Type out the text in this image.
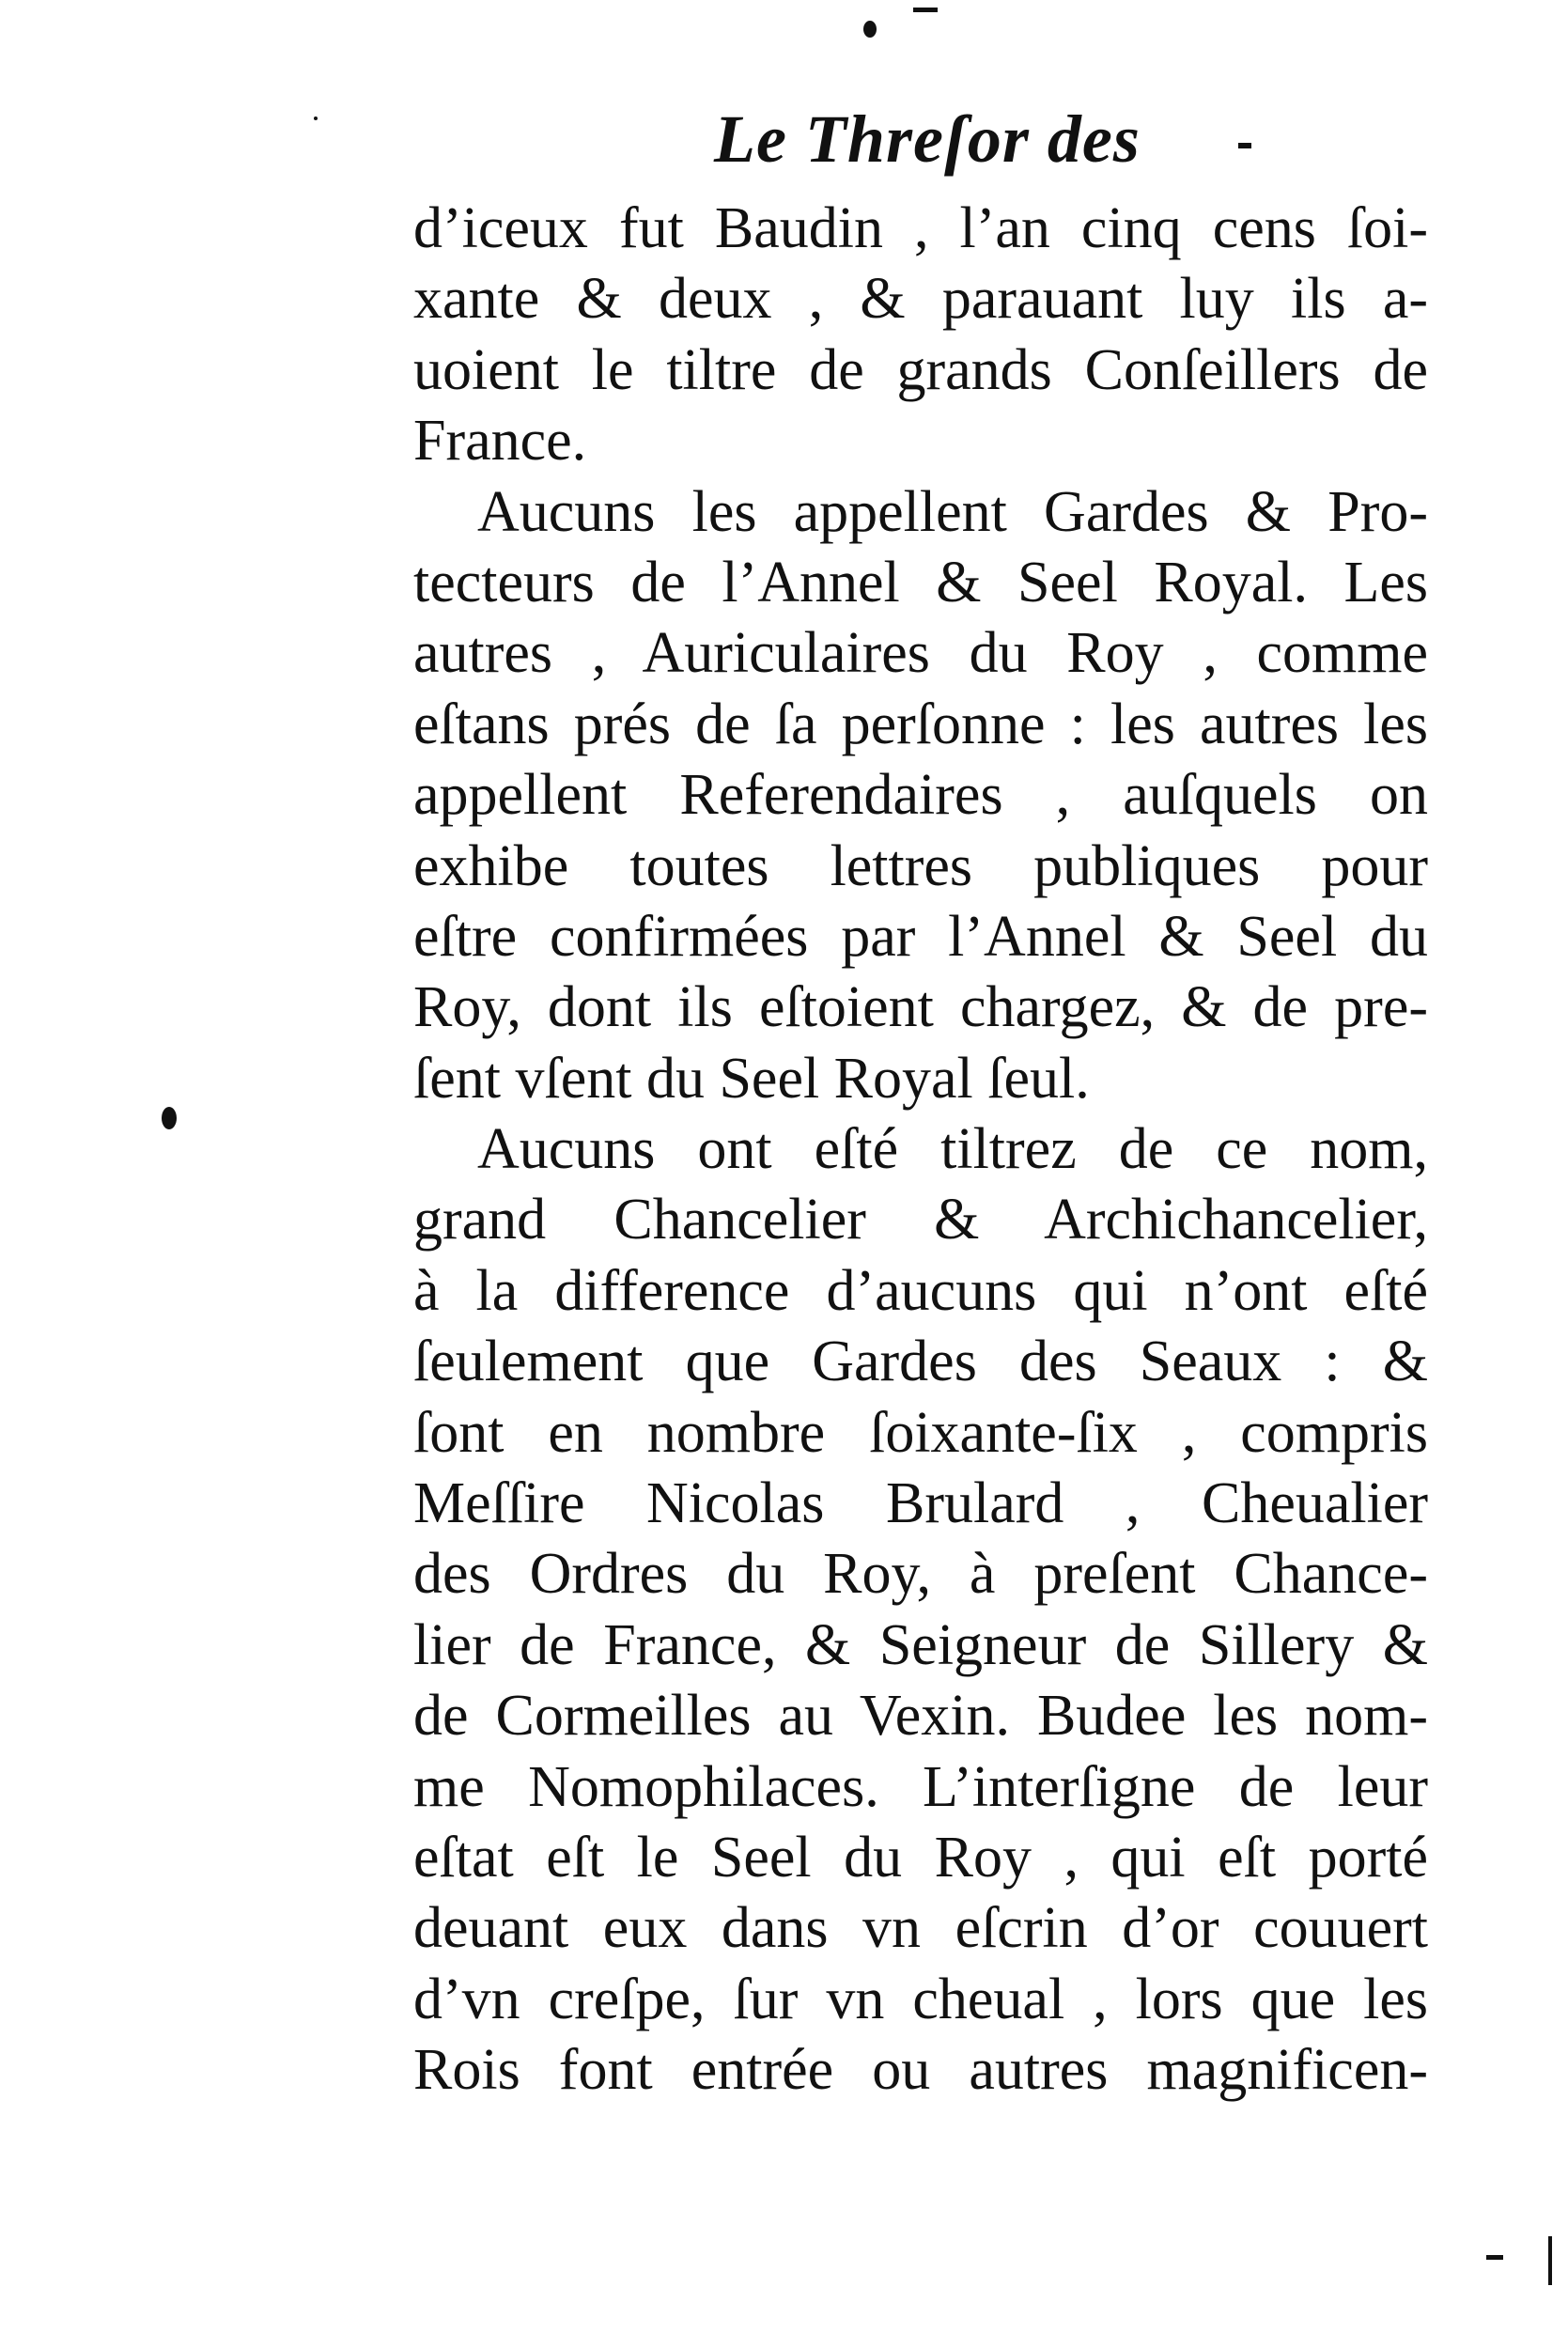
Le Threſor des
d’iceux fut Baudin , l’an cinq cens ſoi-
xante & deux , & parauant luy ils a-
uoient le tiltre de grands Conſeillers de
France.
Aucuns les appellent Gardes & Pro-
tecteurs de l’Annel & Seel Royal. Les
autres , Auriculaires du Roy , comme
eſtans prés de ſa perſonne : les autres les
appellent Referendaires , auſquels on
exhibe toutes lettres publiques pour
eſtre confirmées par l’Annel & Seel du
Roy, dont ils eſtoient chargez, & de pre-
ſent vſent du Seel Royal ſeul.
Aucuns ont eſté tiltrez de ce nom,
grand Chancelier & Archichancelier,
à la difference d’aucuns qui n’ont eſté
ſeulement que Gardes des Seaux : &
ſont en nombre ſoixante-ſix , compris
Meſſire Nicolas Brulard , Cheualier
des Ordres du Roy, à preſent Chance-
lier de France, & Seigneur de Sillery &
de Cormeilles au Vexin. Budee les nom-
me Nomophilaces. L’interſigne de leur
eſtat eſt le Seel du Roy , qui eſt porté
deuant eux dans vn eſcrin d’or couuert
d’vn creſpe, ſur vn cheual , lors que les
Rois font entrée ou autres magnificen-
